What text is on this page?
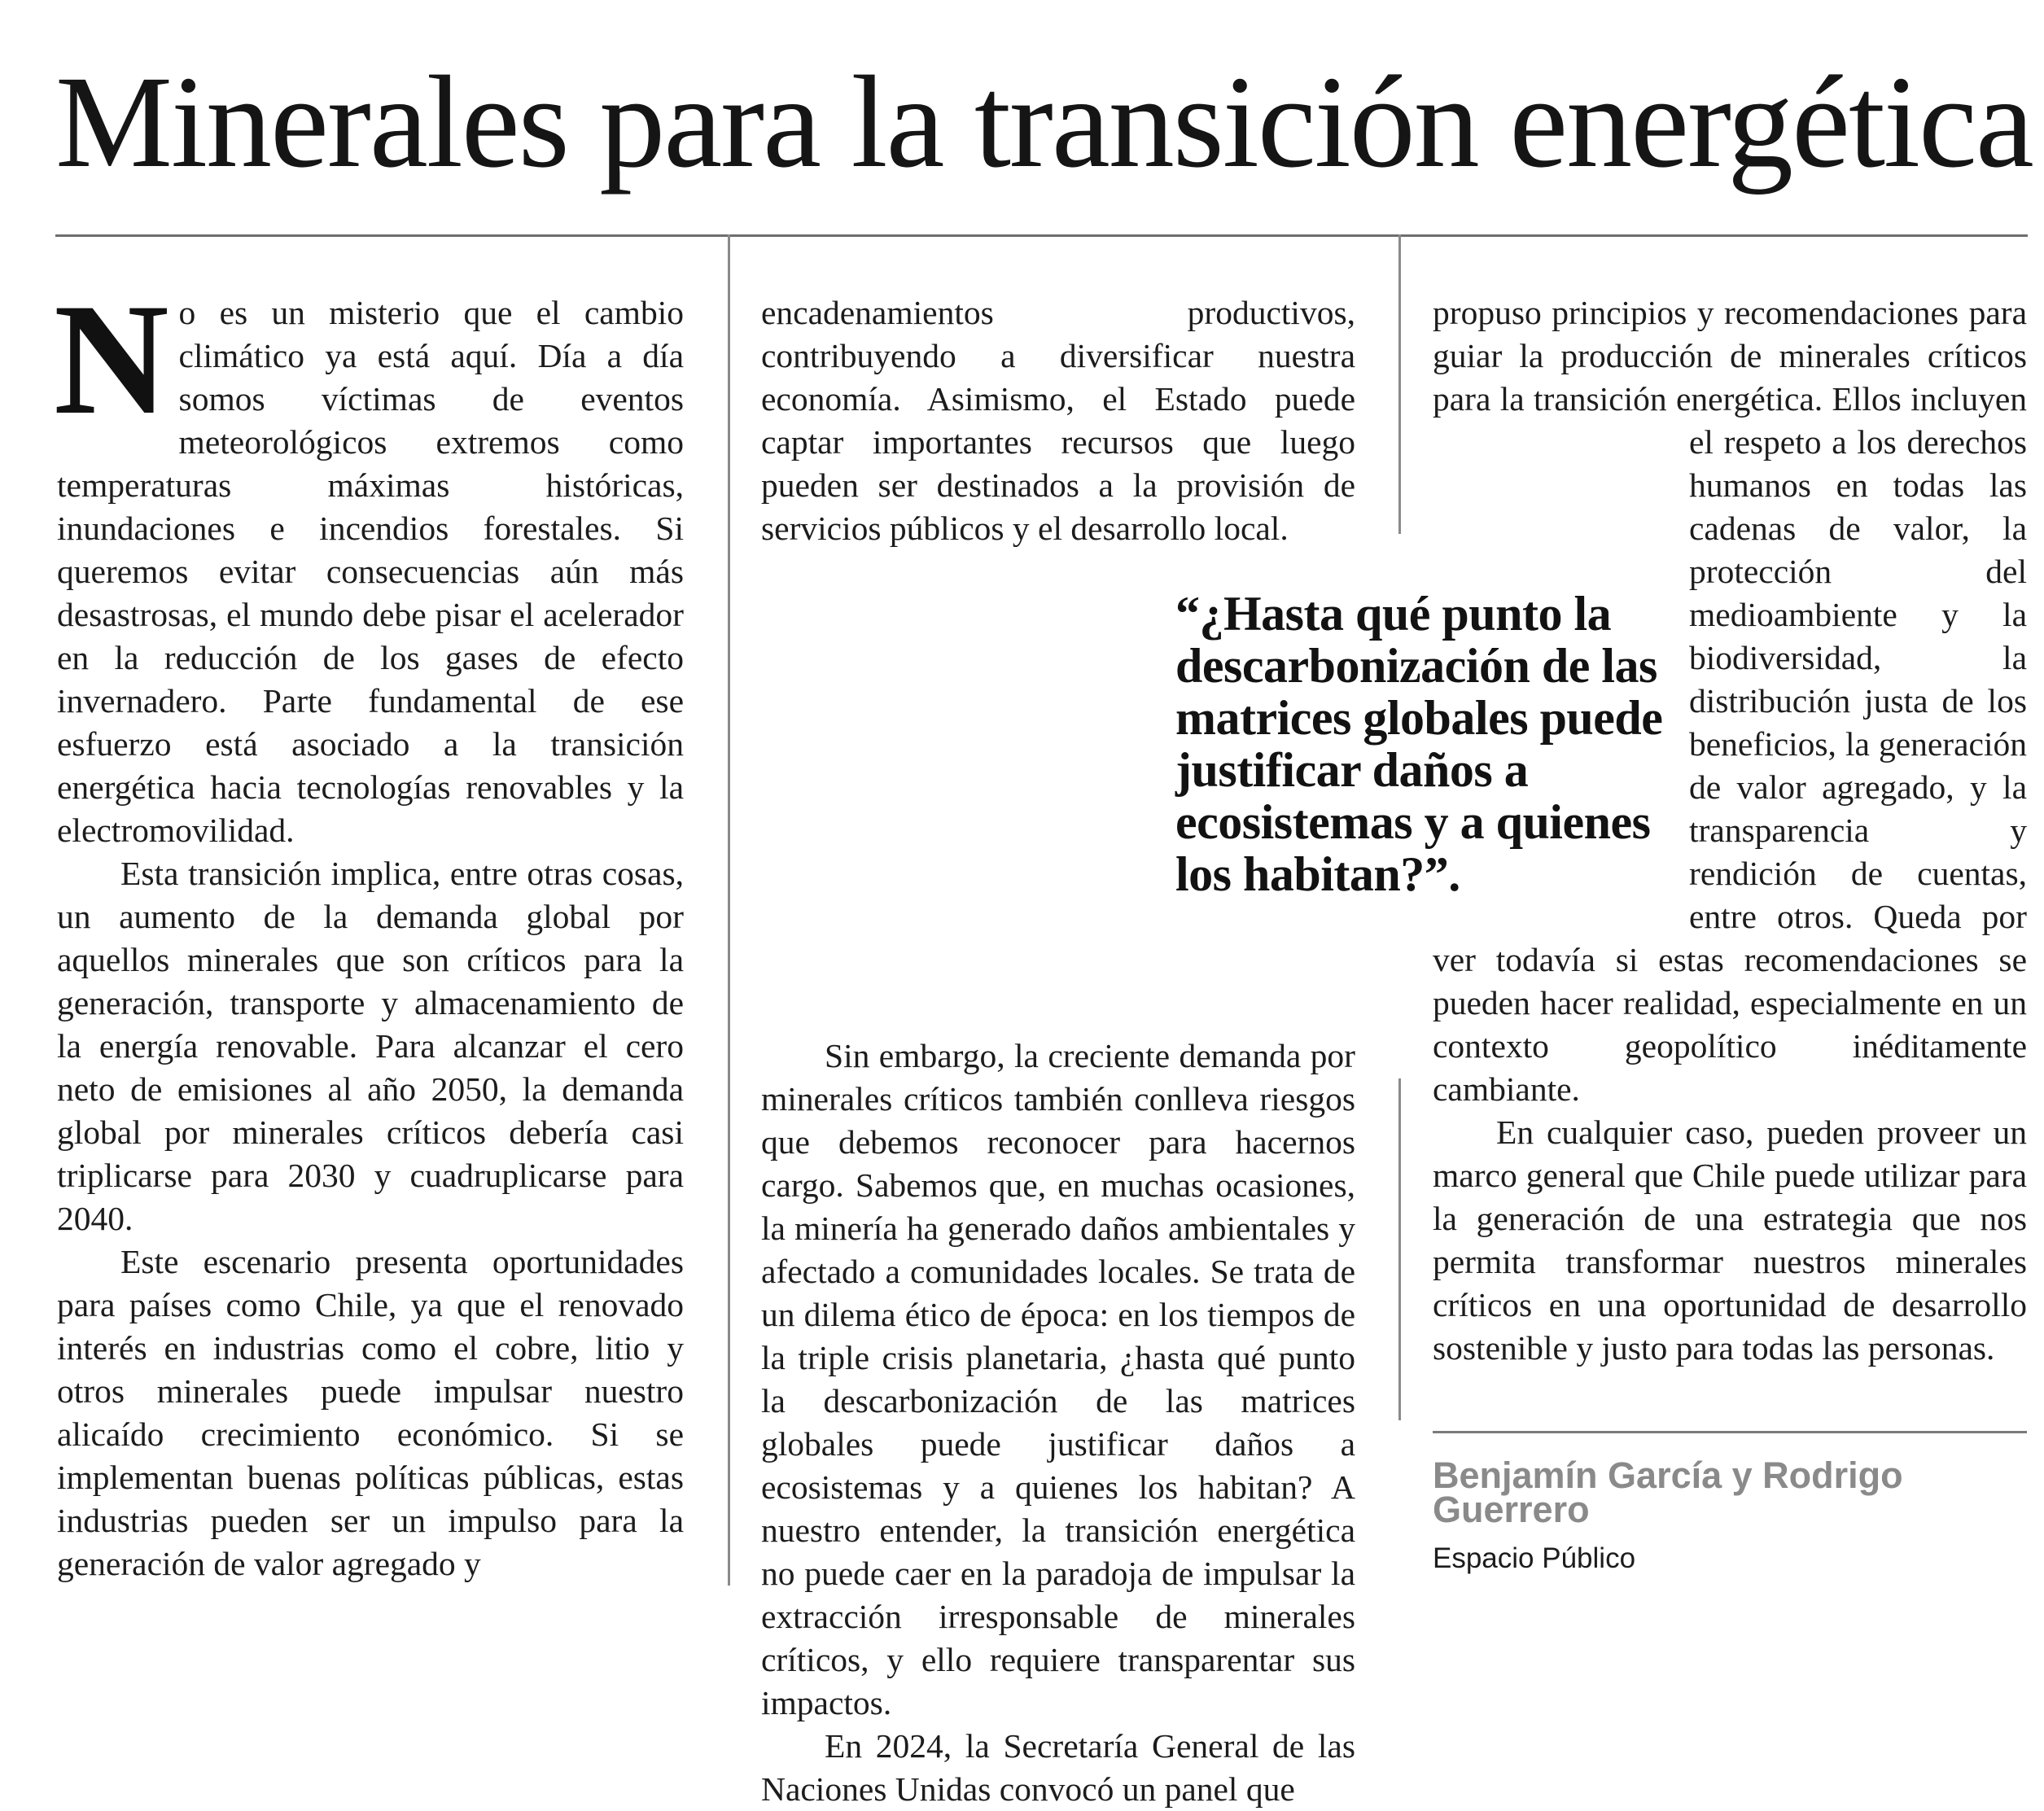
Minerales para la transición energética

No es un misterio que el cambio climático ya está aquí. Día a día somos víctimas de eventos meteorológicos extremos como temperaturas máximas históricas, inundaciones e incendios forestales. Si queremos evitar consecuencias aún más desastrosas, el mundo debe pisar el acelerador en la reducción de los gases de efecto invernadero. Parte fundamental de ese esfuerzo está asociado a la transición energética hacia tecnologías renovables y la electromovilidad.

Esta transición implica, entre otras cosas, un aumento de la demanda global por aquellos minerales que son críticos para la generación, transporte y almacenamiento de la energía renovable. Para alcanzar el cero neto de emisiones al año 2050, la demanda global por minerales críticos debería casi triplicarse para 2030 y cuadruplicarse para 2040.

Este escenario presenta oportunidades para países como Chile, ya que el renovado interés en industrias como el cobre, litio y otros minerales puede impulsar nuestro alicaído crecimiento económico. Si se implementan buenas políticas públicas, estas industrias pueden ser un impulso para la generación de valor agregado y

encadenamientos productivos, contribuyendo a diversificar nuestra economía. Asimismo, el Estado puede captar importantes recursos que luego pueden ser destinados a la provisión de servicios públicos y el desarrollo local.

Sin embargo, la creciente demanda por minerales críticos también conlleva riesgos que debemos reconocer para hacernos cargo. Sabemos que, en muchas ocasiones, la minería ha generado daños ambientales y afectado a comunidades locales. Se trata de un dilema ético de época: en los tiempos de la triple crisis planetaria, ¿hasta qué punto la descarbonización de las matrices globales puede justificar daños a ecosistemas y a quienes los habitan? A nuestro entender, la transición energética no puede caer en la paradoja de impulsar la extracción irresponsable de minerales críticos, y ello requiere transparentar sus impactos.

En 2024, la Secretaría General de las Naciones Unidas convocó un panel que

propuso principios y recomendaciones para guiar la producción de minerales críticos para la transición energética. Ellos incluyen el respeto a los derechos humanos en todas las cadenas de valor, la protección del medioambiente y la biodiversidad, la distribución justa de los beneficios, la generación de valor agregado, y la transparencia y rendición de cuentas, entre otros. Queda por ver todavía si estas recomendaciones se pueden hacer realidad, especialmente en un contexto geopolítico inéditamente cambiante.

En cualquier caso, pueden proveer un marco general que Chile puede utilizar para la generación de una estrategia que nos permita transformar nuestros minerales críticos en una oportunidad de desarrollo sostenible y justo para todas las personas.

“¿Hasta qué punto la descarbonización de las matrices globales puede justificar daños a ecosistemas y a quienes los habitan?”.

Benjamín García y Rodrigo Guerrero

Espacio Público
